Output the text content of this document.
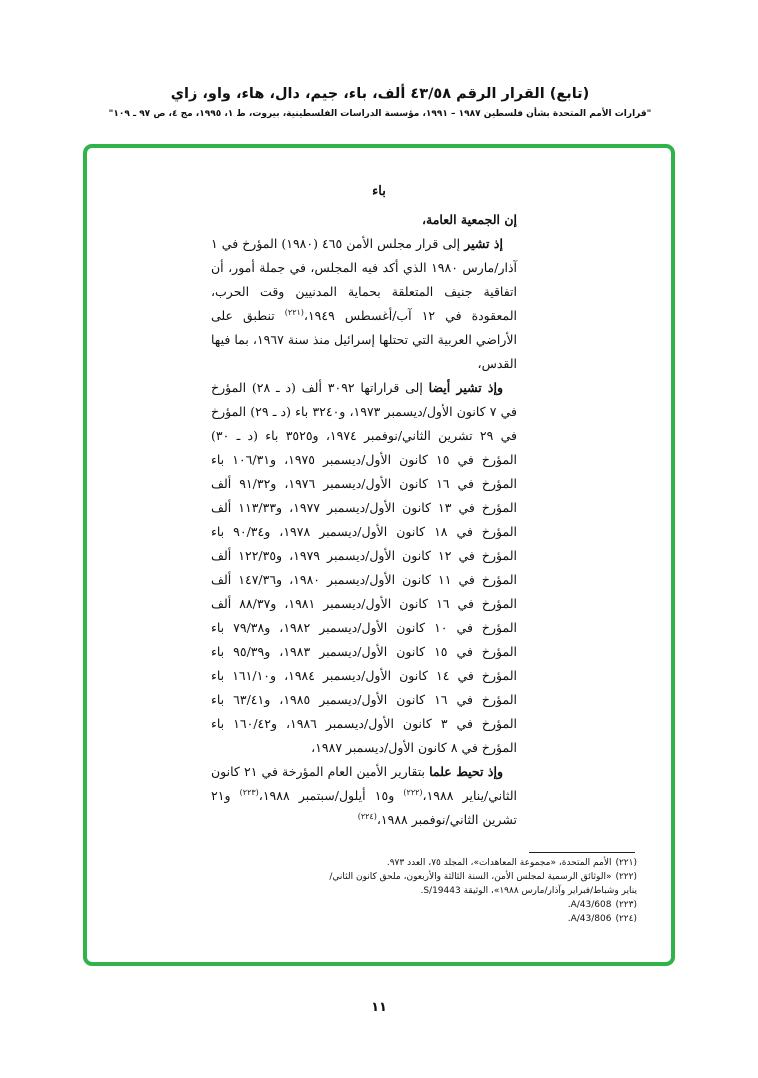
(تابع) القرار الرقم ٤٣/٥٨ ألف، باء، جيم، دال، هاء، واو، زاي
"قرارات الأمم المتحدة بشأن فلسطين ١٩٨٧ – ١٩٩١، مؤسسة الدراسات الفلسطينية، بيروت، ط ١، ١٩٩٥، مج ٤، ص ٩٧ ـ ١٠٩"
باء

إن الجمعية العامة،

إذ تشير إلى قرار مجلس الأمن ٤٦٥ (١٩٨٠) المؤرخ في ١ آذار/مارس ١٩٨٠ الذي أكد فيه المجلس، في جملة أمور، أن اتفاقية جنيف المتعلقة بحماية المدنيين وقت الحرب، المعقودة في ١٢ آب/أغسطس ١٩٤٩،$^{(٢٢١)}$ تنطبق على الأراضي العربية التي تحتلها إسرائيل منذ سنة ١٩٦٧، بما فيها القدس،

وإذ تشير أيضا إلى قراراتها ٣٠٩٢ ألف (د ـ ٢٨) المؤرخ في ٧ كانون الأول/ديسمبر ١٩٧٣، و٣٢٤٠ باء (د ـ ٢٩) المؤرخ في ٢٩ تشرين الثاني/نوفمبر ١٩٧٤، و٣٥٢٥ باء (د ـ ٣٠) المؤرخ في ١٥ كانون الأول/ديسمبر ١٩٧٥، و١٠٦/٣١ باء المؤرخ في ١٦ كانون الأول/ديسمبر ١٩٧٦، و٩١/٣٢ ألف المؤرخ في ١٣ كانون الأول/ديسمبر ١٩٧٧، و١١٣/٣٣ ألف المؤرخ في ١٨ كانون الأول/ديسمبر ١٩٧٨، و٩٠/٣٤ باء المؤرخ في ١٢ كانون الأول/ديسمبر ١٩٧٩، و١٢٢/٣٥ ألف المؤرخ في ١١ كانون الأول/ديسمبر ١٩٨٠، و١٤٧/٣٦ ألف المؤرخ في ١٦ كانون الأول/ديسمبر ١٩٨١، و٨٨/٣٧ ألف المؤرخ في ١٠ كانون الأول/ديسمبر ١٩٨٢، و٧٩/٣٨ باء المؤرخ في ١٥ كانون الأول/ديسمبر ١٩٨٣، و٩٥/٣٩ باء المؤرخ في ١٤ كانون الأول/ديسمبر ١٩٨٤، و١٦١/١٠ باء المؤرخ في ١٦ كانون الأول/ديسمبر ١٩٨٥، و٦٣/٤١ باء المؤرخ في ٣ كانون الأول/ديسمبر ١٩٨٦، و١٦٠/٤٢ باء المؤرخ في ٨ كانون الأول/ديسمبر ١٩٨٧،

وإذ تحيط علما بتقارير الأمين العام المؤرخة في ٢١ كانون الثاني/يناير ١٩٨٨،$^{(٢٢٢)}$ و١٥ أيلول/سبتمبر ١٩٨٨،$^{(٢٢٣)}$ و٢١ تشرين الثاني/نوفمبر ١٩٨٨،$^{(٢٢٤)}$

(٢٢١)الأمم المتحدة، «مجموعة المعاهدات»، المجلد ٧٥، العدد ٩٧٣.

(٢٢٢)«الوثائق الرسمية لمجلس الأمن، السنة الثالثة والأربعون، ملحق كانون الثاني/يناير وشباط/فبراير وآذار/مارس ١٩٨٨»، الوثيقة S/19443.

(٢٢٣)A/43/608.

(٢٢٤)A/43/806.

١١
